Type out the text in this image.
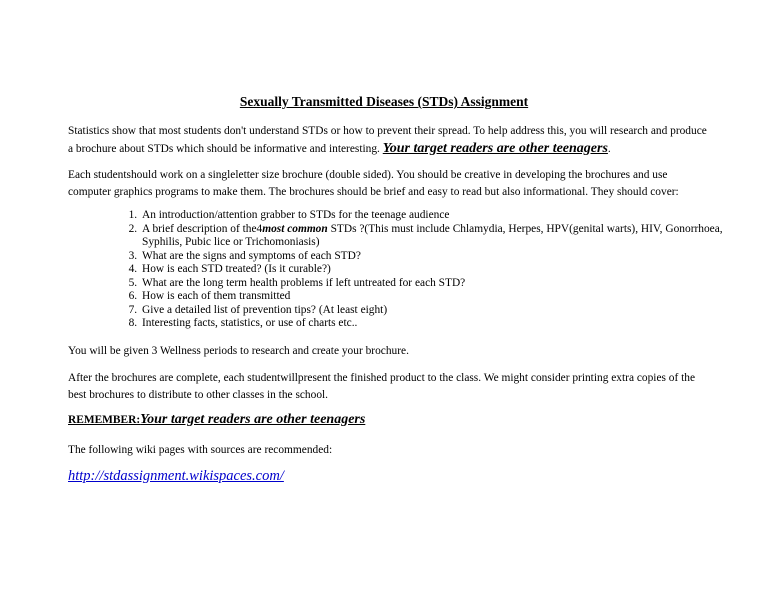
Sexually Transmitted Diseases (STDs) Assignment
Statistics show that most students don't understand STDs or how to prevent their spread. To help address this, you will research and produce a brochure about STDs which should be informative and interesting. Your target readers are other teenagers.
Each studentshould work on a singleletter size brochure (double sided). You should be creative in developing the brochures and use computer graphics programs to make them. The brochures should be brief and easy to read but also informational. They should cover:
1. An introduction/attention grabber to STDs for the teenage audience
2. A brief description of the4most common STDs ?(This must include Chlamydia, Herpes, HPV(genital warts), HIV, Gonorrhoea, Syphilis, Pubic lice or Trichomoniasis)
3. What are the signs and symptoms of each STD?
4. How is each STD treated? (Is it curable?)
5. What are the long term health problems if left untreated for each STD?
6. How is each of them transmitted
7. Give a detailed list of prevention tips? (At least eight)
8. Interesting facts, statistics, or use of charts etc..
You will be given 3 Wellness periods to research and create your brochure.
After the brochures are complete, each studentwillpresent the finished product to the class. We might consider printing extra copies of the best brochures to distribute to other classes in the school.
REMEMBER:Your target readers are other teenagers
The following wiki pages with sources are recommended:
http://stdassignment.wikispaces.com/
